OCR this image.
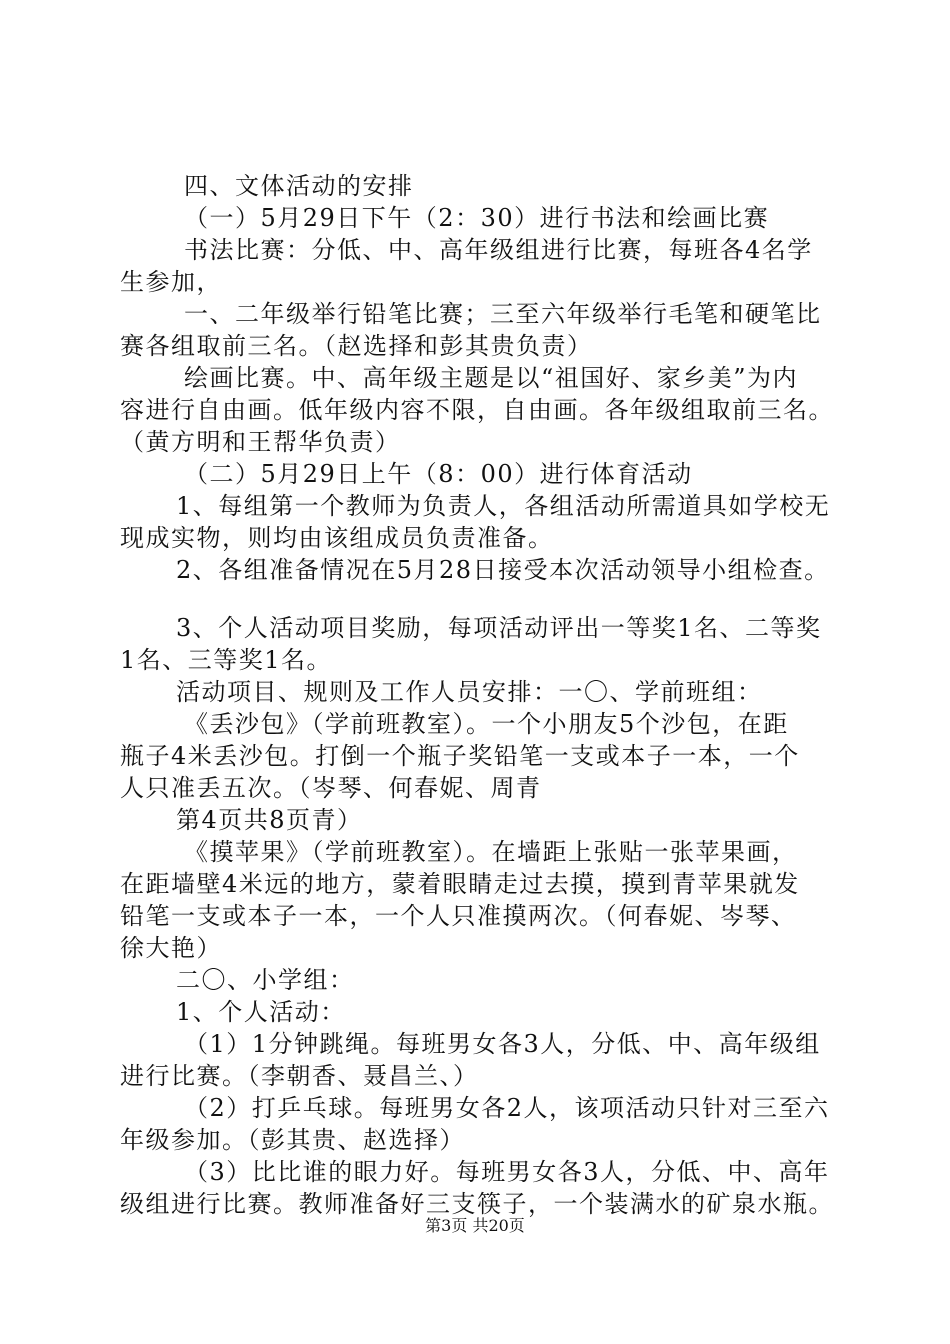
四、文体活动的安排
（一）5月29日下午（2：30）进行书法和绘画比赛
书法比赛：分低、中、高年级组进行比赛，每班各4名学
生参加，
一、二年级举行铅笔比赛；三至六年级举行毛笔和硬笔比
赛各组取前三名。（赵选择和彭其贵负责）
绘画比赛。中、高年级主题是以“祖国好、家乡美”为内
容进行自由画。低年级内容不限，自由画。各年级组取前三名。
（黄方明和王帮华负责）
（二）5月29日上午（8：00）进行体育活动
1、每组第一个教师为负责人，各组活动所需道具如学校无
现成实物，则均由该组成员负责准备。
2、各组准备情况在5月28日接受本次活动领导小组检查。
3、个人活动项目奖励，每项活动评出一等奖1名、二等奖
1名、三等奖1名。
活动项目、规则及工作人员安排：一〇、学前班组：
《丢沙包》（学前班教室）。一个小朋友5个沙包，在距
瓶子4米丢沙包。打倒一个瓶子奖铅笔一支或本子一本，一个
人只准丢五次。（岑琴、何春妮、周青
第4页共8页青）
《摸苹果》（学前班教室）。在墙距上张贴一张苹果画，
在距墙壁4米远的地方，蒙着眼睛走过去摸，摸到青苹果就发
铅笔一支或本子一本，一个人只准摸两次。（何春妮、岑琴、
徐大艳）
二〇、小学组：
1、个人活动：
（1）1分钟跳绳。每班男女各3人，分低、中、高年级组
进行比赛。（李朝香、聂昌兰、）
（2）打乒乓球。每班男女各2人，该项活动只针对三至六
年级参加。（彭其贵、赵选择）
（3）比比谁的眼力好。每班男女各3人，分低、中、高年
级组进行比赛。教师准备好三支筷子，一个装满水的矿泉水瓶。
第3页 共20页
